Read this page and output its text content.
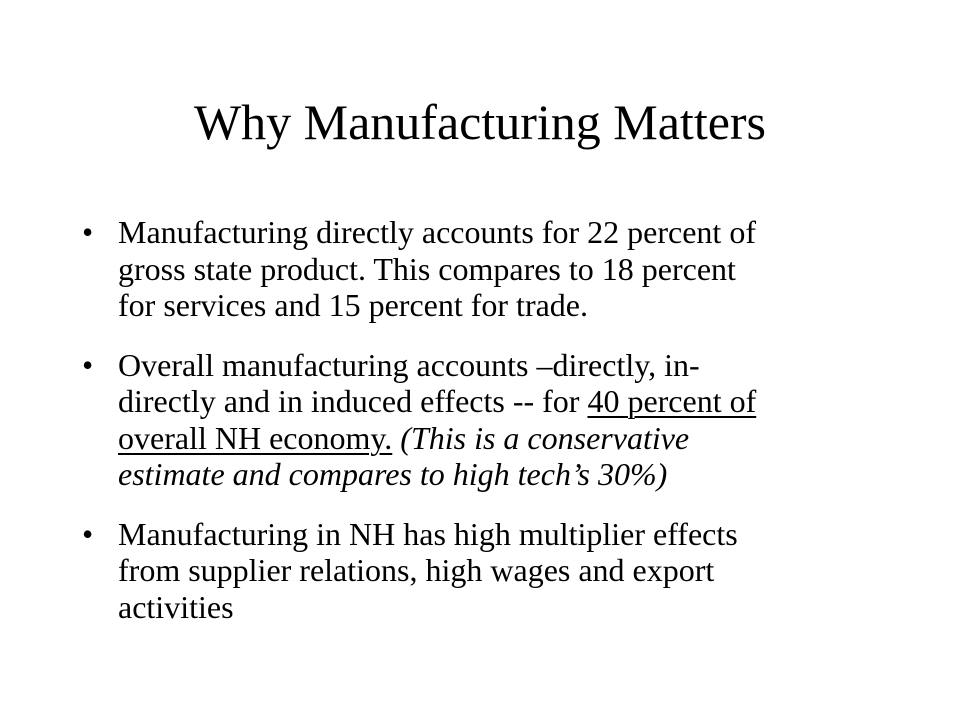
Why Manufacturing Matters
• Manufacturing directly accounts for 22 percent of
gross state product. This compares to 18 percent
for services and 15 percent for trade.
• Overall manufacturing accounts –directly, in-
directly and in induced effects -- for 40 percent of
overall NH economy. (This is a conservative
estimate and compares to high tech’s 30%)
• Manufacturing in NH has high multiplier effects
from supplier relations, high wages and export
activities
